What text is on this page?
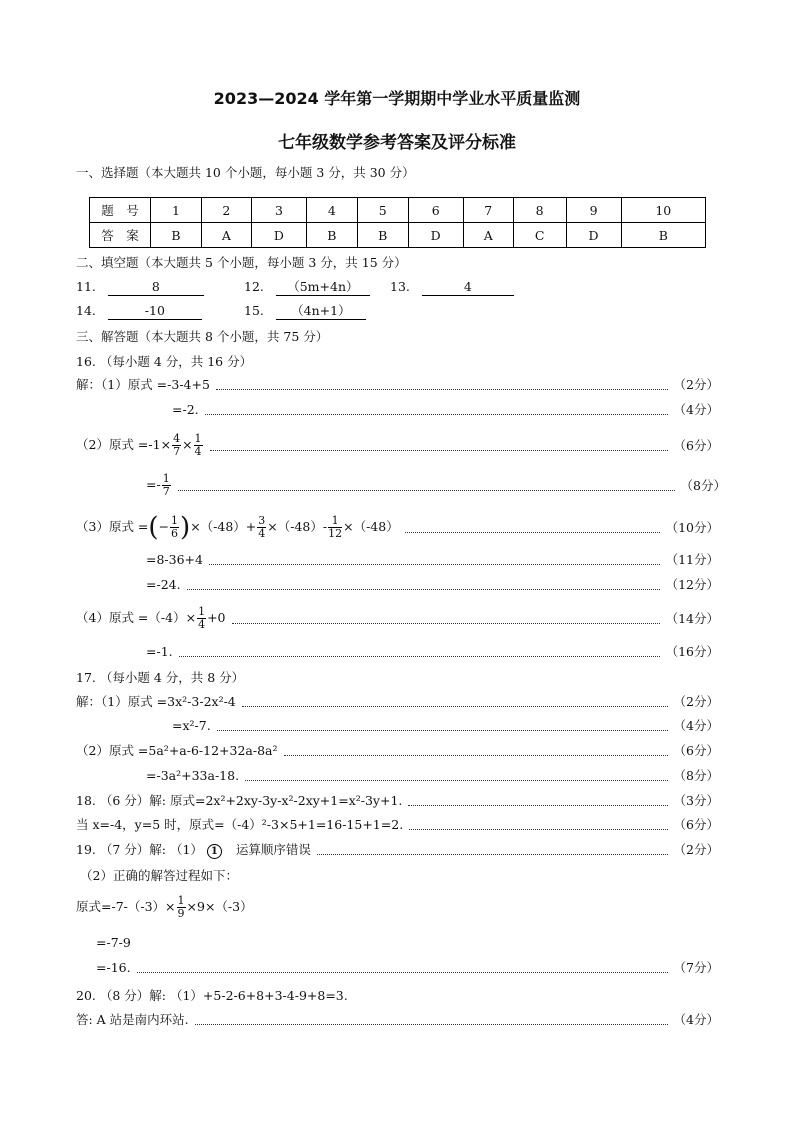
2023—2024 学年第一学期期中学业水平质量监测
七年级数学参考答案及评分标准
一、选择题（本大题共 10 个小题，每小题 3 分，共 30 分）
题　号	1	2	3	4	5	6	7	8	9	10
答　案	B	A	D	B	B	D	A	C	D	B
二、填空题（本大题共 5 个小题，每小题 3 分，共 15 分）
11.	8	12. （5m+4n）	13.	4
14.	-10	15. （4n+1）
三、解答题（本大题共 8 个小题，共 75 分）
16. （每小题 4 分，共 16 分）
解：（1）原式 =-3-4+5	（2分）
=-2.	（4分）
（2）原式 $=-1\times \frac{4}{7} \times \frac{1}{4}$	（6分）
=- $\frac{1}{7}$	（8分）
（3）原式 =(− $\frac{1}{6} )\times(-48)+ \frac{3}{4} \times(-48)- \frac{1}{12} \times(-48)$	（10分）
=8-36+4	（11分）
=-24.	（12分）
（4）原式 $=(-4)\times \frac{1}{4} +0$	（14分）
=-1.	（16分）
17. （每小题 4 分，共 8 分）
解：（1）原式 =3x²-3-2x²-4	（2分）
=x²-7.	（4分）
（2）原式 =5a²+a-6-12+32a-8a²	（6分）
=-3a²+33a-18.	（8分）
18. （6 分）解: 原式=2x²+2xy-3y-x²-2xy+1=x²-3y+1.	（3分）
当 x=-4，y=5 时，原式=（-4）²-3×5+1=16-15+1=2.	（6分）
19. （7 分）解: （1） 1 运算顺序错误	（2分）
（2）正确的解答过程如下：
原式$=-7-(-3)\times \frac{1}{9} \times 9\times(-3)$
=-7-9
=-16.	（7分）
20. （8 分）解: （1）+5-2-6+8+3-4-9+8=3.
答: A 站是南内环站.	（4分）
